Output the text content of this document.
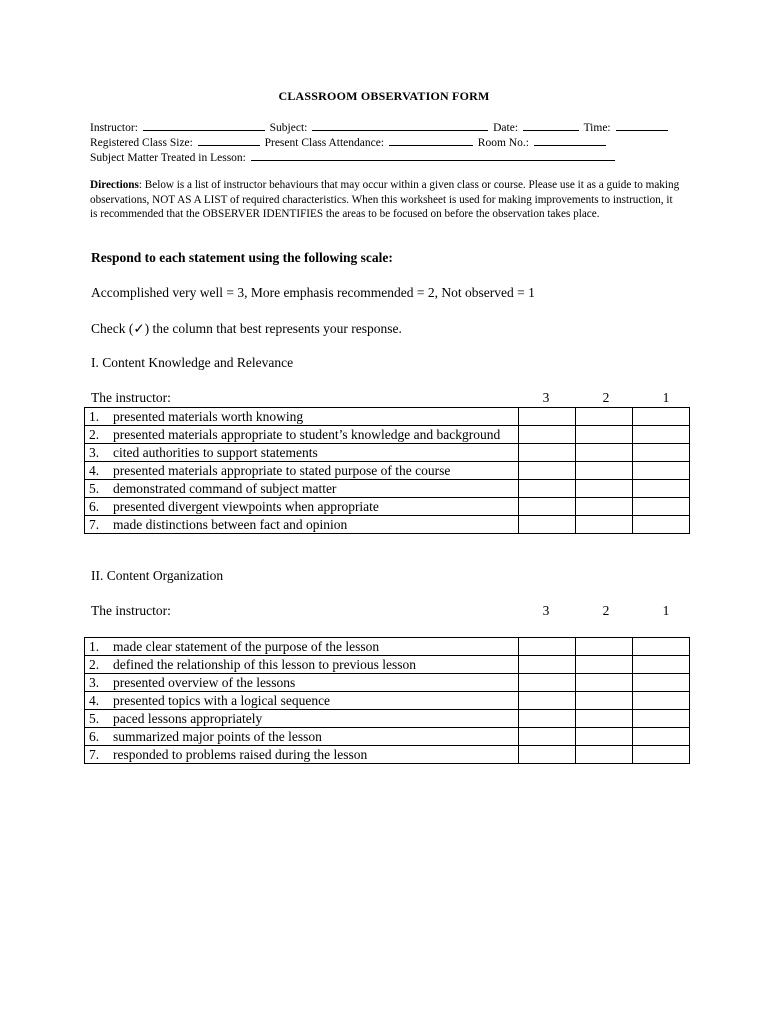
CLASSROOM OBSERVATION FORM
Instructor:	Subject:	Date:	Time:
Registered Class Size:	Present Class Attendance:	Room No.:
Subject Matter Treated in Lesson:
Directions: Below is a list of instructor behaviours that may occur within a given class or course. Please use it as a guide to making observations, NOT AS A LIST of required characteristics. When this worksheet is used for making improvements to instruction, it is recommended that the OBSERVER IDENTIFIES the areas to be focused on before the observation takes place.
Respond to each statement using the following scale:
Accomplished very well = 3, More emphasis recommended = 2, Not observed = 1
Check (✓) the column that best represents your response.
I. Content Knowledge and Relevance
The instructor:	3	2	1
1. presented materials worth knowing			

2. presented materials appropriate to student’s knowledge and background			

3. cited authorities to support statements			

4. presented materials appropriate to stated purpose of the course			

5. demonstrated command of subject matter			

6. presented divergent viewpoints when appropriate			

7. made distinctions between fact and opinion			

II. Content Organization
The instructor:	3	2	1
1. made clear statement of the purpose of the lesson			

2. defined the relationship of this lesson to previous lesson			

3. presented overview of the lessons			

4. presented topics with a logical sequence			

5. paced lessons appropriately			

6. summarized major points of the lesson			

7. responded to problems raised during the lesson			
